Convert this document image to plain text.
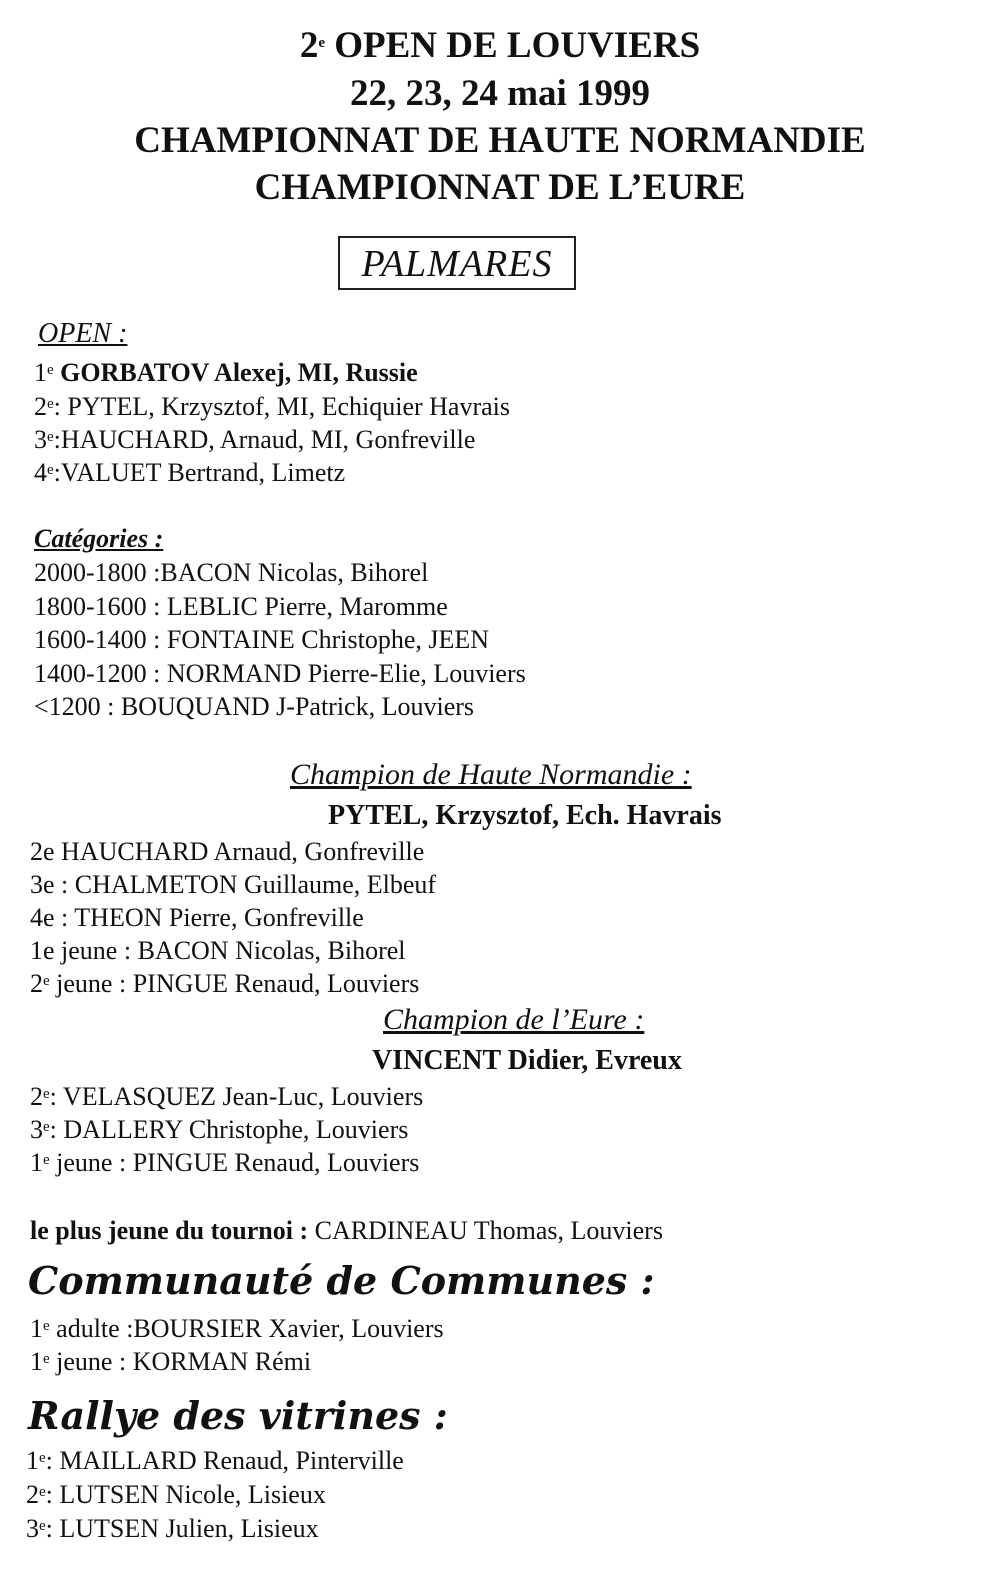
2e OPEN DE LOUVIERS
22, 23, 24 mai 1999
CHAMPIONNAT DE HAUTE NORMANDIE
CHAMPIONNAT DE L’EURE
PALMARES
OPEN :
1e GORBATOV Alexej, MI, Russie
2e: PYTEL, Krzysztof, MI, Echiquier Havrais
3e:HAUCHARD, Arnaud, MI, Gonfreville
4e:VALUET Bertrand, Limetz
Catégories :
2000-1800 :BACON Nicolas, Bihorel
1800-1600 : LEBLIC Pierre, Maromme
1600-1400 : FONTAINE Christophe, JEEN
1400-1200 : NORMAND Pierre-Elie, Louviers
<1200 : BOUQUAND J-Patrick, Louviers
Champion de Haute Normandie :
PYTEL, Krzysztof, Ech. Havrais
2e HAUCHARD Arnaud, Gonfreville
3e : CHALMETON Guillaume, Elbeuf
4e : THEON Pierre, Gonfreville
1e jeune : BACON Nicolas, Bihorel
2e jeune : PINGUE Renaud, Louviers
Champion de l’Eure :
VINCENT Didier, Evreux
2e: VELASQUEZ Jean-Luc, Louviers
3e: DALLERY Christophe, Louviers
1e jeune : PINGUE Renaud, Louviers
le plus jeune du tournoi : CARDINEAU Thomas, Louviers
Communauté de Communes :
1e adulte :BOURSIER Xavier, Louviers
1e jeune : KORMAN Rémi
Rallye des vitrines :
1e: MAILLARD Renaud, Pinterville
2e: LUTSEN Nicole, Lisieux
3e: LUTSEN Julien, Lisieux
